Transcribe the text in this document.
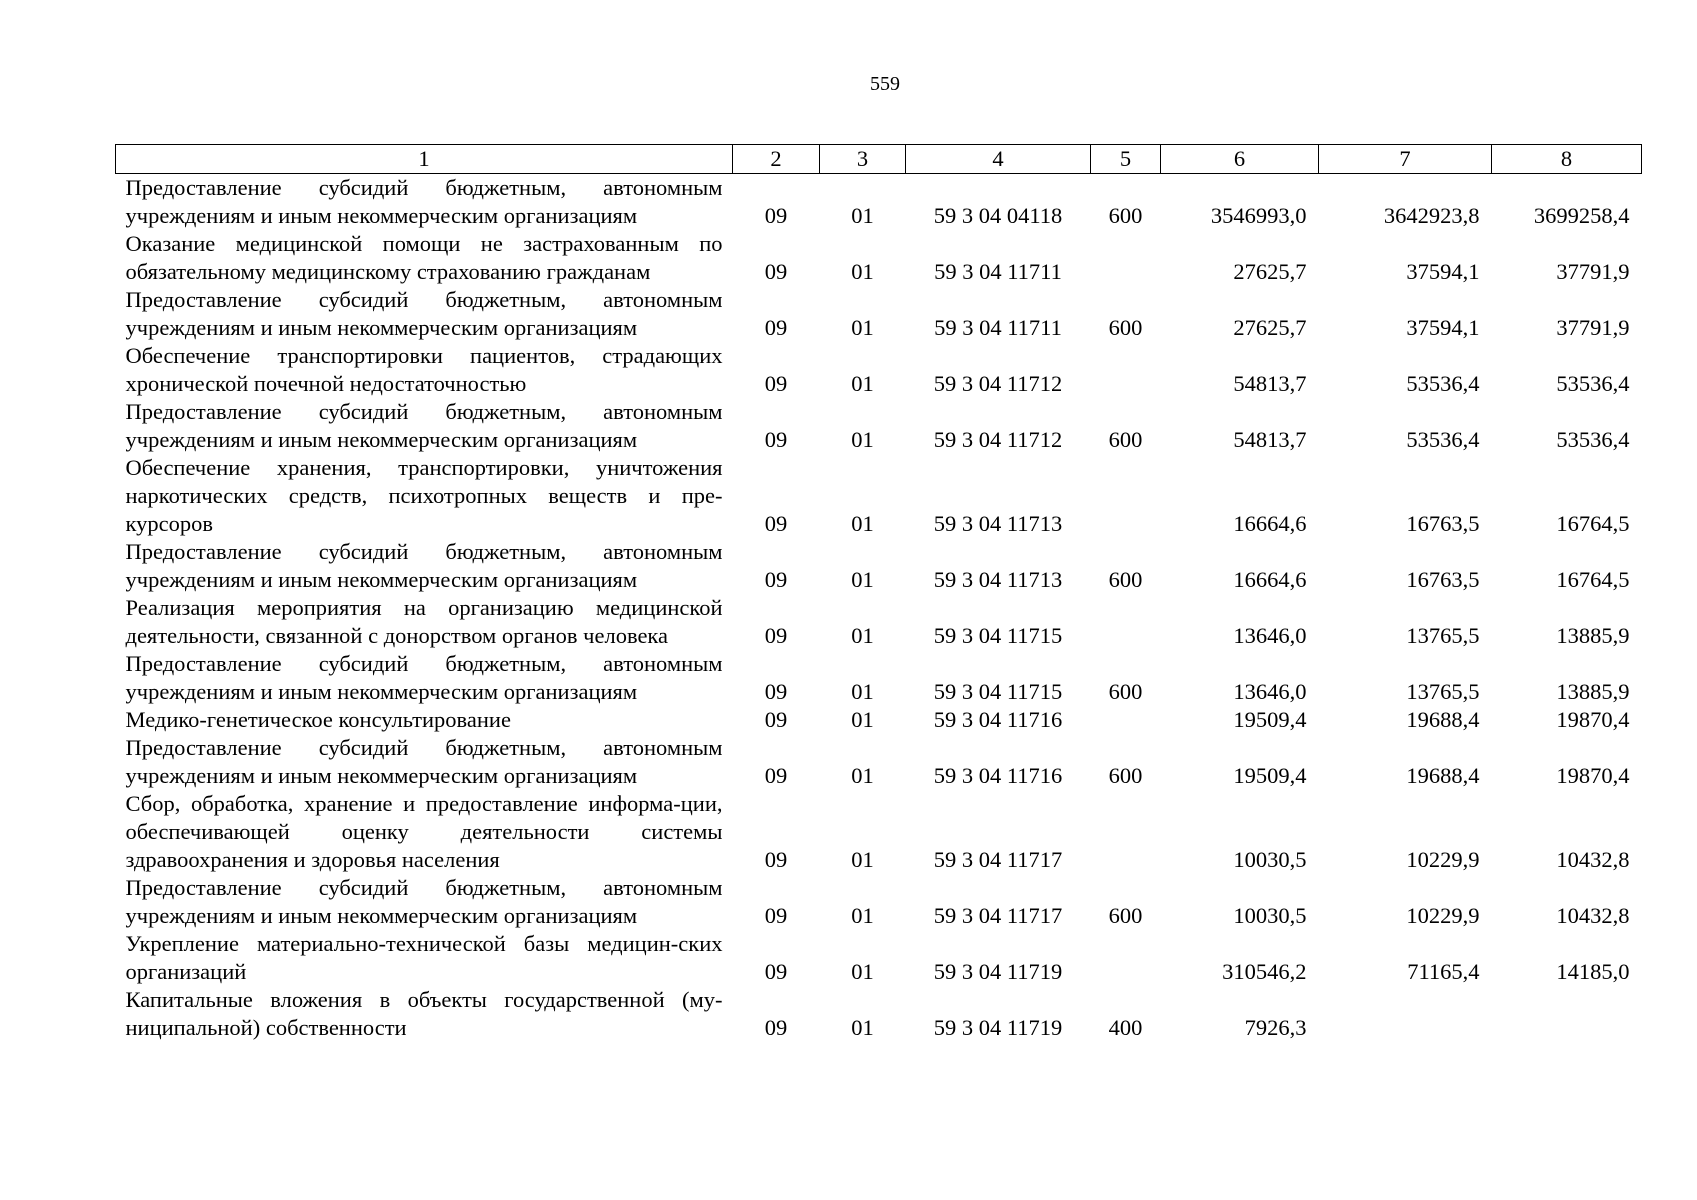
559
1	2	3	4	5	6	7	8
Предоставление субсидий бюджетным, автономным учреждениям и иным некоммерческим организациям	09	01	59 3 04 04118	600	3546993,0	3642923,8	3699258,4
Оказание медицинской помощи не застрахованным по обязательному медицинскому страхованию гражданам	09	01	59 3 04 11711		27625,7	37594,1	37791,9
Предоставление субсидий бюджетным, автономным учреждениям и иным некоммерческим организациям	09	01	59 3 04 11711	600	27625,7	37594,1	37791,9
Обеспечение транспортировки пациентов, страдающих хронической почечной недостаточностью	09	01	59 3 04 11712		54813,7	53536,4	53536,4
Предоставление субсидий бюджетным, автономным учреждениям и иным некоммерческим организациям	09	01	59 3 04 11712	600	54813,7	53536,4	53536,4
Обеспечение хранения, транспортировки, уничтожения наркотических средств, психотропных веществ и пре-курсоров	09	01	59 3 04 11713		16664,6	16763,5	16764,5
Предоставление субсидий бюджетным, автономным учреждениям и иным некоммерческим организациям	09	01	59 3 04 11713	600	16664,6	16763,5	16764,5
Реализация мероприятия на организацию медицинской деятельности, связанной с донорством органов человека	09	01	59 3 04 11715		13646,0	13765,5	13885,9
Предоставление субсидий бюджетным, автономным учреждениям и иным некоммерческим организациям	09	01	59 3 04 11715	600	13646,0	13765,5	13885,9
Медико-генетическое консультирование	09	01	59 3 04 11716		19509,4	19688,4	19870,4
Предоставление субсидий бюджетным, автономным учреждениям и иным некоммерческим организациям	09	01	59 3 04 11716	600	19509,4	19688,4	19870,4
Сбор, обработка, хранение и предоставление информа-ции, обеспечивающей оценку деятельности системы здравоохранения и здоровья населения	09	01	59 3 04 11717		10030,5	10229,9	10432,8
Предоставление субсидий бюджетным, автономным учреждениям и иным некоммерческим организациям	09	01	59 3 04 11717	600	10030,5	10229,9	10432,8
Укрепление материально-технической базы медицин-ских организаций	09	01	59 3 04 11719		310546,2	71165,4	14185,0
Капитальные вложения в объекты государственной (му-ниципальной) собственности	09	01	59 3 04 11719	400	7926,3		
